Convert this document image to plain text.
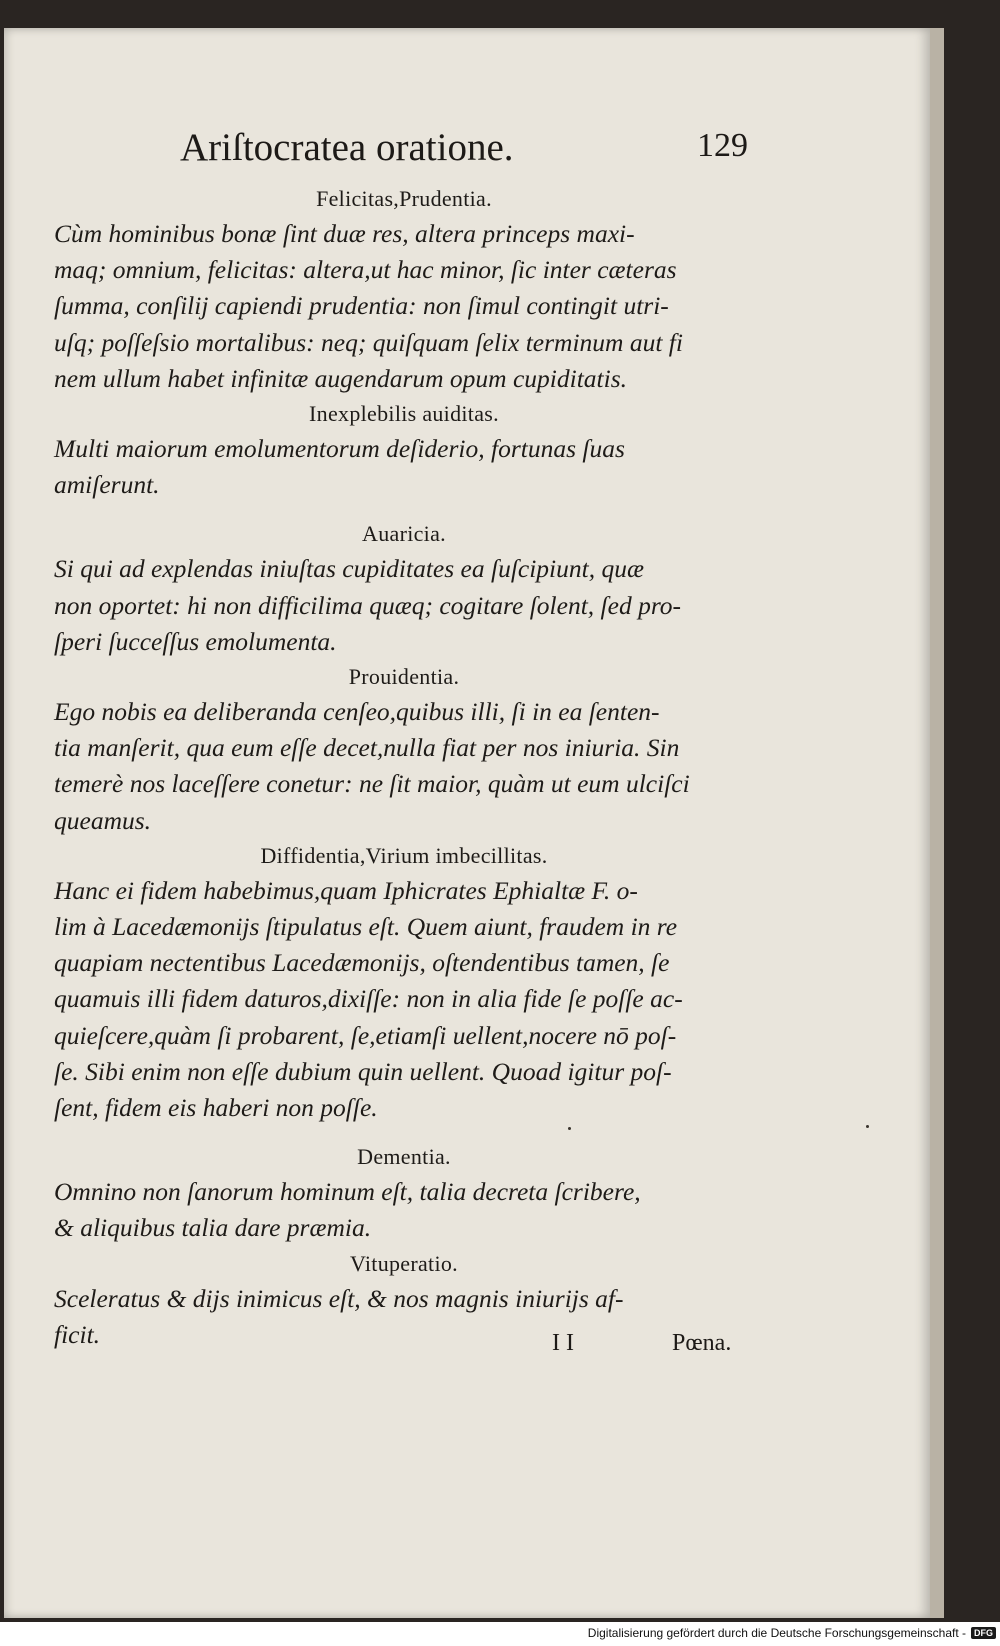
Ariſtocratea oratione.	129
Felicitas,Prudentia.
Cùm hominibus bonæ ſint duæ res, altera princeps maxi-
maq; omnium, felicitas: altera,ut hac minor, ſic inter cæteras
ſumma, conſilij capiendi prudentia: non ſimul contingit utri-
uſq; poſſeſsio mortalibus: neq; quiſquam ſelix terminum aut fi
nem ullum habet infinitæ augendarum opum cupiditatis.
Inexplebilis auiditas.
Multi maiorum emolumentorum deſiderio, fortunas ſuas
amiſerunt.
Auaricia.
Si qui ad explendas iniuſtas cupiditates ea ſuſcipiunt, quæ
non oportet: hi non difficilima quæq; cogitare ſolent, ſed pro-
ſperi ſucceſſus emolumenta.
Prouidentia.
Ego nobis ea deliberanda cenſeo,quibus illi, ſi in ea ſenten-
tia manſerit, qua eum eſſe decet,nulla fiat per nos iniuria. Sin
temerè nos laceſſere conetur: ne ſit maior, quàm ut eum ulciſci
queamus.
Diffidentia,Virium imbecillitas.
Hanc ei fidem habebimus,quam Iphicrates Ephialtæ F. o-
lim à Lacedæmonijs ſtipulatus eſt. Quem aiunt, fraudem in re
quapiam nectentibus Lacedæmonijs, oſtendentibus tamen, ſe
quamuis illi fidem daturos,dixiſſe: non in alia fide ſe poſſe ac-
quieſcere,quàm ſi probarent, ſe,etiamſi uellent,nocere nō poſ-
ſe. Sibi enim non eſſe dubium quin uellent. Quoad igitur poſ-
ſent, fidem eis haberi non poſſe.
Dementia.
Omnino non ſanorum hominum eſt, talia decreta ſcribere,
& aliquibus talia dare præmia.
Vituperatio.
Sceleratus & dijs inimicus eſt, & nos magnis iniurijs af-
ficit.	I I	Pœna.
Digitalisierung gefördert durch die Deutsche Forschungsgemeinschaft - DFG
